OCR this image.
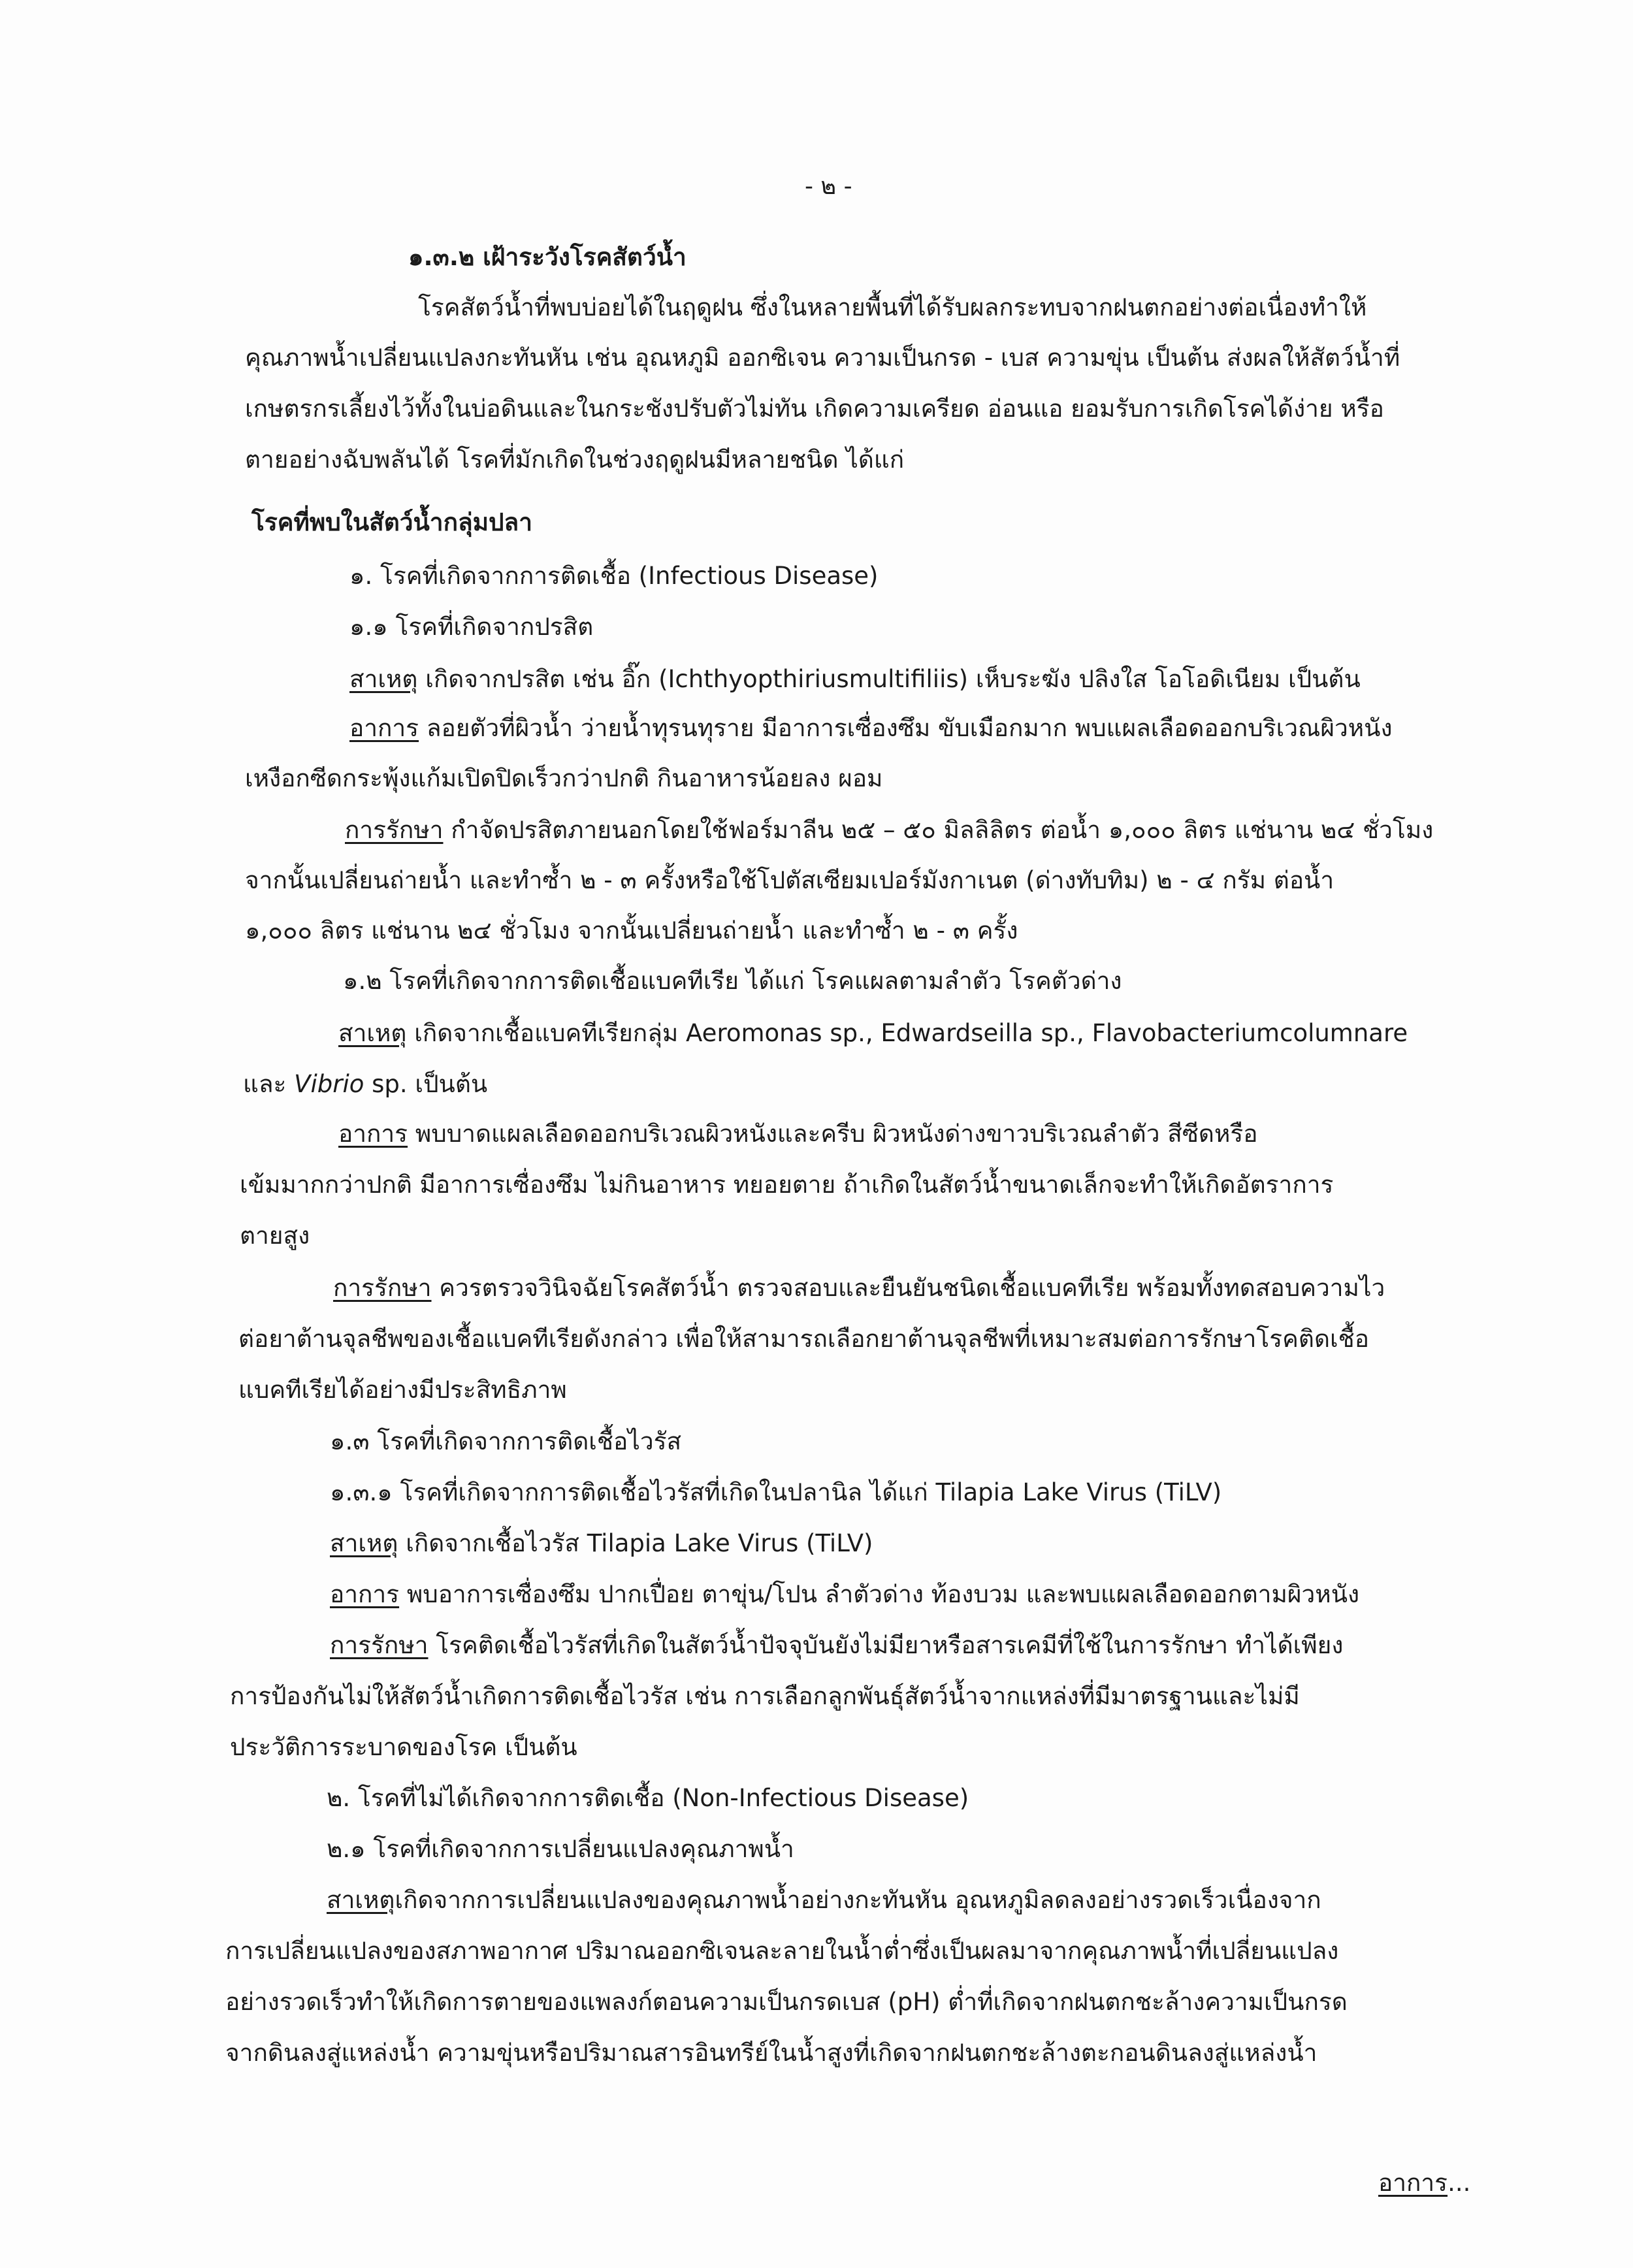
- ๒ -
๑.๓.๒ เฝ้าระวังโรคสัตว์น้ำ
โรคสัตว์น้ำที่พบบ่อยได้ในฤดูฝน ซึ่งในหลายพื้นที่ได้รับผลกระทบจากฝนตกอย่างต่อเนื่องทำให้
คุณภาพน้ำเปลี่ยนแปลงกะทันหัน เช่น อุณหภูมิ ออกซิเจน ความเป็นกรด - เบส ความขุ่น เป็นต้น ส่งผลให้สัตว์น้ำที่
เกษตรกรเลี้ยงไว้ทั้งในบ่อดินและในกระชังปรับตัวไม่ทัน เกิดความเครียด อ่อนแอ ยอมรับการเกิดโรคได้ง่าย หรือ
ตายอย่างฉับพลันได้ โรคที่มักเกิดในช่วงฤดูฝนมีหลายชนิด ได้แก่
โรคที่พบในสัตว์น้ำกลุ่มปลา
๑. โรคที่เกิดจากการติดเชื้อ (Infectious Disease)
๑.๑ โรคที่เกิดจากปรสิต
สาเหตุ เกิดจากปรสิต เช่น อิ๊ก (Ichthyopthiriusmultifiliis) เห็บระฆัง ปลิงใส โอโอดิเนียม เป็นต้น
อาการ ลอยตัวที่ผิวน้ำ ว่ายน้ำทุรนทุราย มีอาการเซื่องซึม ขับเมือกมาก พบแผลเลือดออกบริเวณผิวหนัง
เหงือกซีดกระพุ้งแก้มเปิดปิดเร็วกว่าปกติ กินอาหารน้อยลง ผอม
การรักษา กำจัดปรสิตภายนอกโดยใช้ฟอร์มาลีน ๒๕ – ๕๐ มิลลิลิตร ต่อน้ำ ๑,๐๐๐ ลิตร แช่นาน ๒๔ ชั่วโมง
จากนั้นเปลี่ยนถ่ายน้ำ และทำซ้ำ ๒ - ๓ ครั้งหรือใช้โปตัสเซียมเปอร์มังกาเนต (ด่างทับทิม) ๒ - ๔ กรัม ต่อน้ำ
๑,๐๐๐ ลิตร แช่นาน ๒๔ ชั่วโมง จากนั้นเปลี่ยนถ่ายน้ำ และทำซ้ำ ๒ - ๓ ครั้ง
๑.๒ โรคที่เกิดจากการติดเชื้อแบคทีเรีย ได้แก่ โรคแผลตามลำตัว โรคตัวด่าง
สาเหตุ เกิดจากเชื้อแบคทีเรียกลุ่ม Aeromonas sp., Edwardseilla sp., Flavobacteriumcolumnare
และ Vibrio sp. เป็นต้น
อาการ พบบาดแผลเลือดออกบริเวณผิวหนังและครีบ ผิวหนังด่างขาวบริเวณลำตัว สีซีดหรือ
เข้มมากกว่าปกติ มีอาการเซื่องซึม ไม่กินอาหาร ทยอยตาย ถ้าเกิดในสัตว์น้ำขนาดเล็กจะทำให้เกิดอัตราการ
ตายสูง
การรักษา ควรตรวจวินิจฉัยโรคสัตว์น้ำ ตรวจสอบและยืนยันชนิดเชื้อแบคทีเรีย พร้อมทั้งทดสอบความไว
ต่อยาต้านจุลชีพของเชื้อแบคทีเรียดังกล่าว เพื่อให้สามารถเลือกยาต้านจุลชีพที่เหมาะสมต่อการรักษาโรคติดเชื้อ
แบคทีเรียได้อย่างมีประสิทธิภาพ
๑.๓ โรคที่เกิดจากการติดเชื้อไวรัส
๑.๓.๑ โรคที่เกิดจากการติดเชื้อไวรัสที่เกิดในปลานิล ได้แก่ Tilapia Lake Virus (TiLV)
สาเหตุ เกิดจากเชื้อไวรัส Tilapia Lake Virus (TiLV)
อาการ พบอาการเซื่องซึม ปากเปื่อย ตาขุ่น/โปน ลำตัวด่าง ท้องบวม และพบแผลเลือดออกตามผิวหนัง
การรักษา โรคติดเชื้อไวรัสที่เกิดในสัตว์น้ำปัจจุบันยังไม่มียาหรือสารเคมีที่ใช้ในการรักษา ทำได้เพียง
การป้องกันไม่ให้สัตว์น้ำเกิดการติดเชื้อไวรัส เช่น การเลือกลูกพันธุ์สัตว์น้ำจากแหล่งที่มีมาตรฐานและไม่มี
ประวัติการระบาดของโรค เป็นต้น
๒. โรคที่ไม่ได้เกิดจากการติดเชื้อ (Non-Infectious Disease)
๒.๑ โรคที่เกิดจากการเปลี่ยนแปลงคุณภาพน้ำ
สาเหตุเกิดจากการเปลี่ยนแปลงของคุณภาพน้ำอย่างกะทันหัน อุณหภูมิลดลงอย่างรวดเร็วเนื่องจาก
การเปลี่ยนแปลงของสภาพอากาศ ปริมาณออกซิเจนละลายในน้ำต่ำซึ่งเป็นผลมาจากคุณภาพน้ำที่เปลี่ยนแปลง
อย่างรวดเร็วทำให้เกิดการตายของแพลงก์ตอนความเป็นกรดเบส (pH) ต่ำที่เกิดจากฝนตกชะล้างความเป็นกรด
จากดินลงสู่แหล่งน้ำ ความขุ่นหรือปริมาณสารอินทรีย์ในน้ำสูงที่เกิดจากฝนตกชะล้างตะกอนดินลงสู่แหล่งน้ำ
อาการ...
